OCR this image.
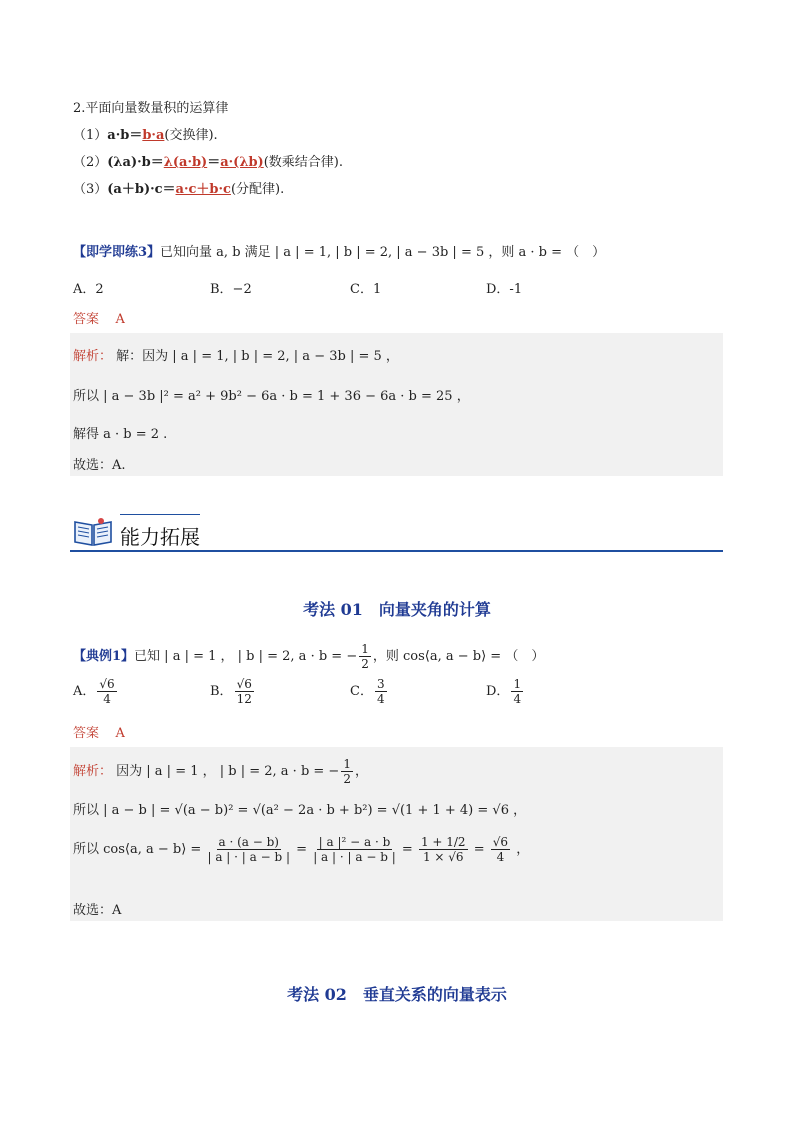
2.平面向量数量积的运算律
（1）a·b＝b·a(交换律).
（2）(λa)·b＝λ(a·b)＝a·(λb)(数乘结合律).
（3）(a＋b)·c＝a·c＋b·c(分配律).
【即学即练3】已知向量 a, b 满足 | a | = 1, | b | = 2, | a − 3b | = 5 ，则 a · b = （　）
A．2	B．−2	C．1	D．-1
答案 A
解析： 解：因为 | a | = 1, | b | = 2, | a − 3b | = 5 ，
所以 | a − 3b |² = a² + 9b² − 6a · b = 1 + 36 − 6a · b = 25 ，
解得 a · b = 2 .
故选：A.
能力拓展
考法 01　向量夹角的计算
【典例1】已知 | a | = 1 ， | b | = 2, a · b = − $\frac{1}{2}$ ，则 cos⟨a, a − b⟩ = （　）
A． $\frac{√6}{4}$	B． $\frac{√6}{12}$	C． $\frac{3}{4}$	D． $\frac{1}{4}$
答案 A
解析： 因为 | a | = 1 ， | b | = 2, a · b = − $\frac{1}{2}$ ，
所以 | a − b | = √(a − b)² = √(a² − 2a · b + b²) = √(1 + 1 + 4) = √6 ，
所以 cos⟨a, a − b⟩ = $\frac{a \cdot (a - b)}{| a | \cdot | a - b |} = \frac{\text{| a |² − a · b}}{| a | \cdot | a - b |} = \frac{1 + 1/2}{1 \times √6} = \frac{√6}{4}$ ，
故选：A
考法 02　垂直关系的向量表示
